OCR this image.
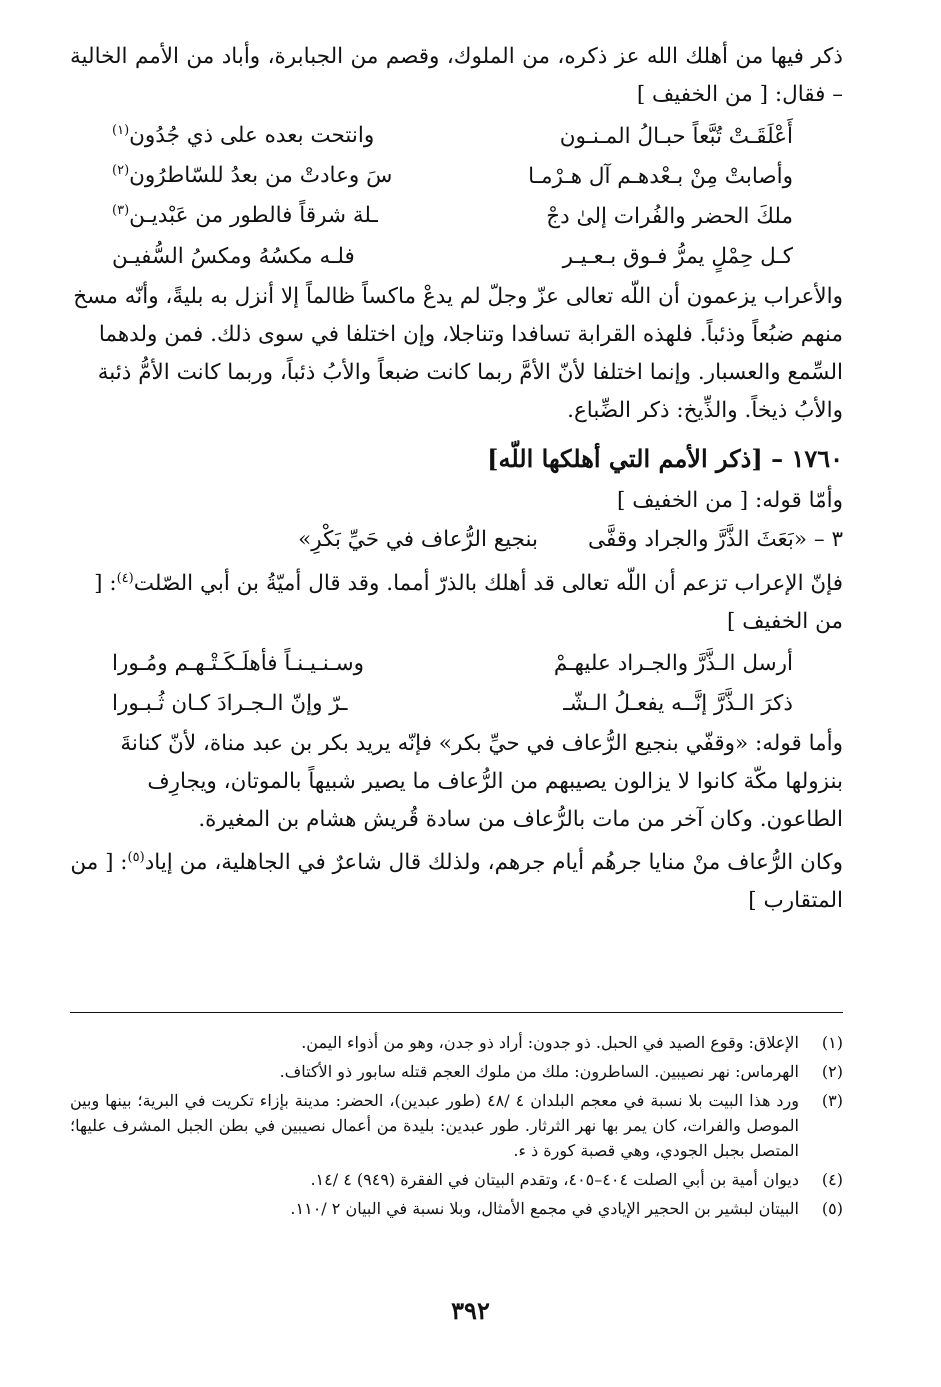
ذكر فيها من أهلك الله عز ذكره، من الملوك، وقصم من الجبابرة، وأباد من الأمم الخالية – فقال: [ من الخفيف ]

أَعْلَقَـتْ تُبَّعاً حبـالُ المـنـون
وانتحت بعده على ذي جُدُون$^{(١)}$
وأصابتْ مِنْ بـعْدهـم آل هـرْمـا
سَ وعادتْ من بعدُ للسّاطرُون$^{(٢)}$
ملكَ الحضر والفُرات إلىٰ دجْ
ـلة شرقاً فالطور من عَبْديـن$^{(٣)}$
كـل حِمْلٍ يمرُّ فـوق بـعـيـر
فلـه مكسُهُ ومكسُ السُّفيـن

والأعراب يزعمون أن اللّه تعالى عزّ وجلّ لم يدعْ ماكساً ظالماً إلا أنزل به بليةً، وأنّه مسخ منهم ضبُعاً وذئباً. فلهذه القرابة تسافدا وتناجلا، وإن اختلفا في سوى ذلك. فمن ولدهما السِّمع والعسبار. وإنما اختلفا لأنّ الأمَّ ربما كانت ضبعاً والأبُ ذئباً، وربما كانت الأمُّ ذئبة والأبُ ذيخاً. والذِّيخ: ذكر الضِّباع.

١٧٦٠ – [ذكر الأمم التي أهلكها اللّه]

وأمّا قوله: [ من الخفيف ]

٣ – «بَعَثَ الذَّرَّ والجراد وقفَّى
بنجيع الرُّعاف في حَيِّ بَكْرِ»

فإنّ الإعراب تزعم أن اللّه تعالى قد أهلك بالذرّ أمما. وقد قال أميّةُ بن أبي الصّلت$^{(٤)}$: [ من الخفيف ]

أرسل الـذَّرَّ والجـراد عليهـمْ
وسـنـيـنـاً فأهلَـكَـتْـهـم ومُـورا
ذكرَ الـذَّرَّ إنَّــه يفعـلُ الـشّـ
ـرّ وإنّ الـجـرادَ كـان ثُـبـورا

وأما قوله: «وقفّي بنجيع الرُّعاف في حيِّ بكر» فإنّه يريد بكر بن عبد مناة، لأنّ كنانةَ بنزولها مكّة كانوا لا يزالون يصيبهم من الرُّعاف ما يصير شبيهاً بالموتان، ويجارِف الطاعون. وكان آخر من مات بالرُّعاف من سادة قُريش هشام بن المغيرة.

وكان الرُّعاف منْ منايا جرهُم أيام جرهم، ولذلك قال شاعرٌ في الجاهلية، من إياد$^{(٥)}$: [ من المتقارب ]

(١)
الإعلاق: وقوع الصيد في الحبل. ذو جدون: أراد ذو جدن، وهو من أذواء اليمن.

(٢)
الهرماس: نهر نصيبين. الساطرون: ملك من ملوك العجم قتله سابور ذو الأكتاف.

(٣)
ورد هذا البيت بلا نسبة في معجم البلدان ٤ /٤٨ (طور عبدين)، الحضر: مدينة بإزاء تكريت في البرية؛ بينها وبين الموصل والفرات، كان يمر بها نهر الثرثار. طور عبدين: بليدة من أعمال نصيبين في بطن الجبل المشرف عليها؛ المتصل بجبل الجودي، وهي قصبة كورة ﺫ ﺀ.

(٤)
ديوان أمية بن أبي الصلت ٤٠٤–٤٠٥، وتقدم البيتان في الفقرة (٩٤٩) ٤ /١٤.

(٥)
البيتان لبشير بن الحجير الإيادي في مجمع الأمثال، وبلا نسبة في البيان ٢ /١١٠.

٣٩٢
